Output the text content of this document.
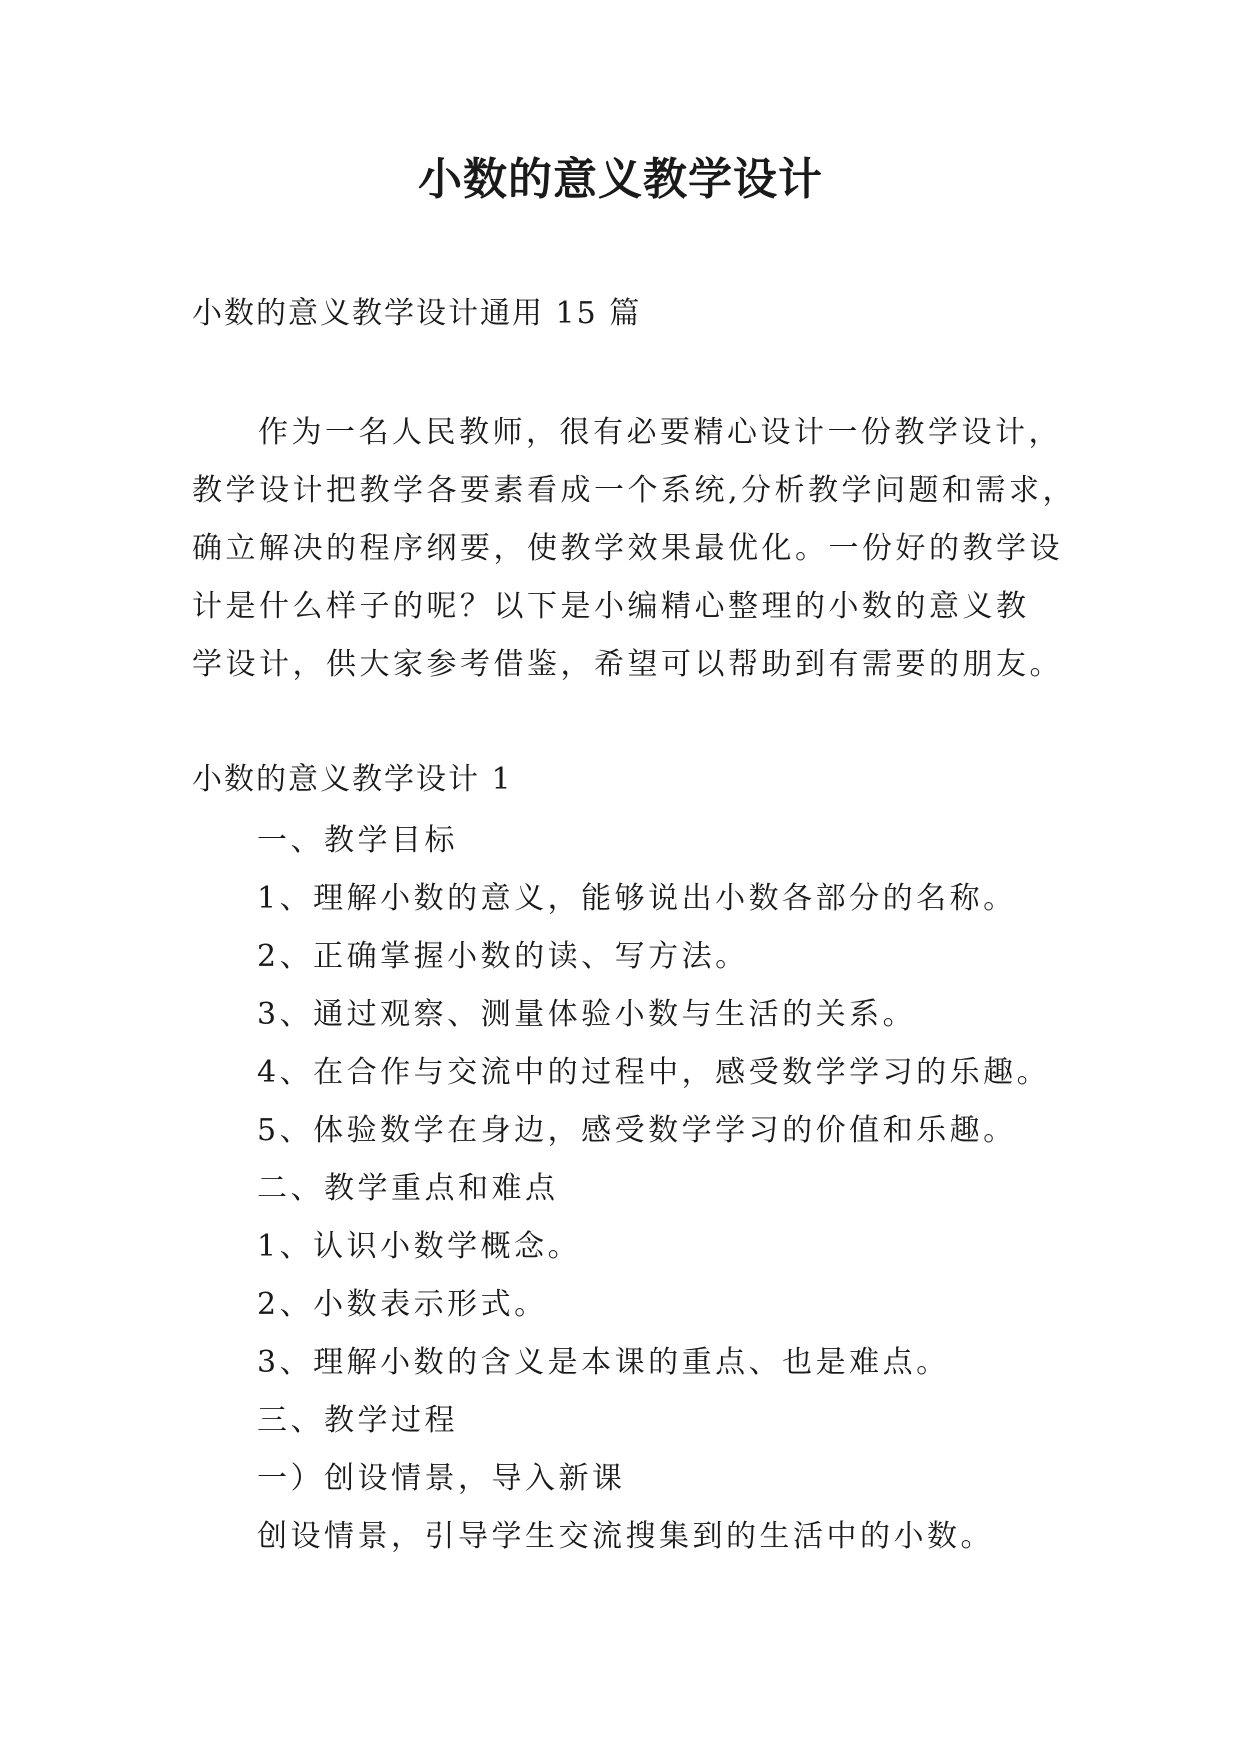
小数的意义教学设计
小数的意义教学设计通用 15 篇
作为一名人民教师，很有必要精心设计一份教学设计，
教学设计把教学各要素看成一个系统,分析教学问题和需求，
确立解决的程序纲要，使教学效果最优化。一份好的教学设
计是什么样子的呢？以下是小编精心整理的小数的意义教
学设计，供大家参考借鉴，希望可以帮助到有需要的朋友。
小数的意义教学设计 1
一、教学目标
1、理解小数的意义，能够说出小数各部分的名称。
2、正确掌握小数的读、写方法。
3、通过观察、测量体验小数与生活的关系。
4、在合作与交流中的过程中，感受数学学习的乐趣。
5、体验数学在身边，感受数学学习的价值和乐趣。
二、教学重点和难点
1、认识小数学概念。
2、小数表示形式。
3、理解小数的含义是本课的重点、也是难点。
三、教学过程
一）创设情景，导入新课
创设情景，引导学生交流搜集到的生活中的小数。
